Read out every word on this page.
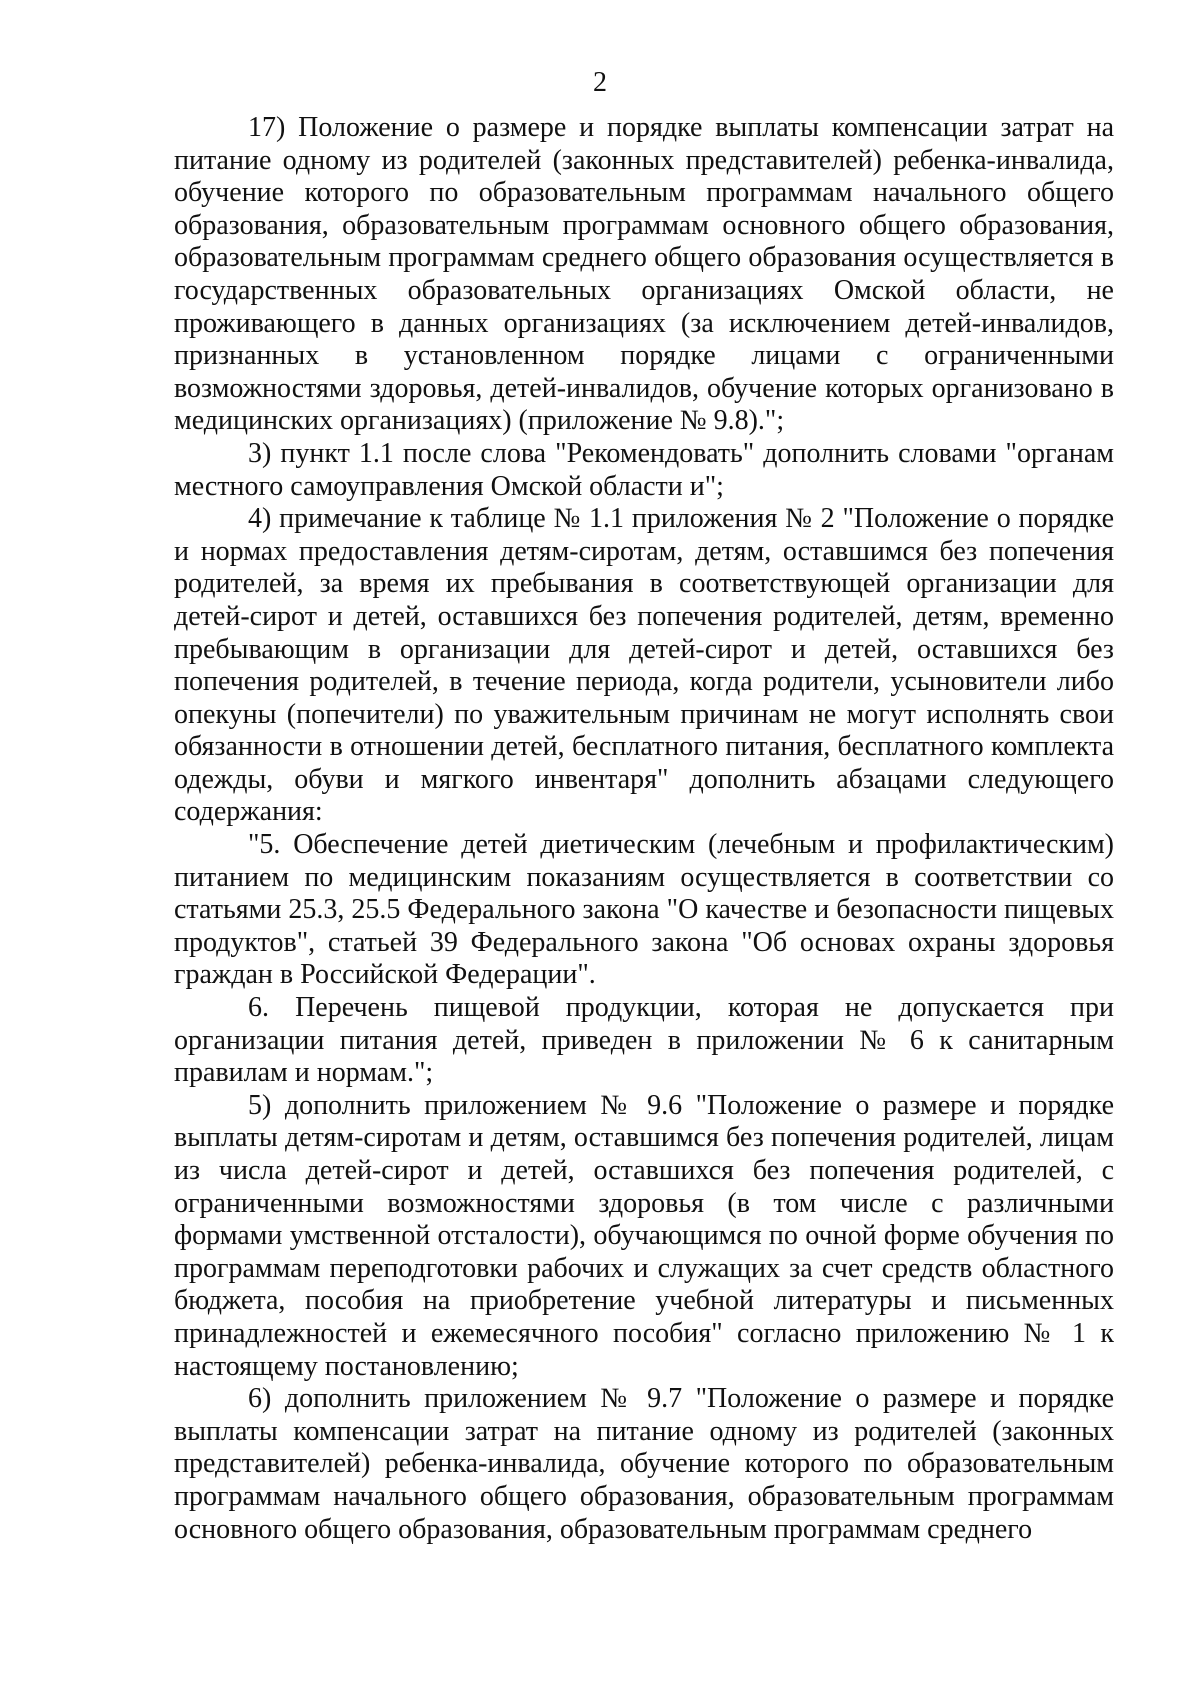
2

17) Положение о размере и порядке выплаты компенсации затрат на питание одному из родителей (законных представителей) ребенка-инвалида, обучение которого по образовательным программам начального общего образования, образовательным программам основного общего образования, образовательным программам среднего общего образования осуществляется в государственных образовательных организациях Омской области, не проживающего в данных организациях (за исключением детей-инвалидов, признанных в установленном порядке лицами с ограниченными возможностями здоровья, детей-инвалидов, обучение которых организовано в медицинских организациях) (приложение № 9.8).";

3) пункт 1.1 после слова "Рекомендовать" дополнить словами "органам местного самоуправления Омской области и";

4) примечание к таблице № 1.1 приложения № 2 "Положение о порядке и нормах предоставления детям-сиротам, детям, оставшимся без попечения родителей, за время их пребывания в соответствующей организации для детей-сирот и детей, оставшихся без попечения родителей, детям, временно пребывающим в организации для детей-сирот и детей, оставшихся без попечения родителей, в течение периода, когда родители, усыновители либо опекуны (попечители) по уважительным причинам не могут исполнять свои обязанности в отношении детей, бесплатного питания, бесплатного комплекта одежды, обуви и мягкого инвентаря" дополнить абзацами следующего содержания:

"5. Обеспечение детей диетическим (лечебным и профилактическим) питанием по медицинским показаниям осуществляется в соответствии со статьями 25.3, 25.5 Федерального закона "О качестве и безопасности пищевых продуктов", статьей 39 Федерального закона "Об основах охраны здоровья граждан в Российской Федерации".

6. Перечень пищевой продукции, которая не допускается при организации питания детей, приведен в приложении № 6 к санитарным правилам и нормам.";

5) дополнить приложением № 9.6 "Положение о размере и порядке выплаты детям-сиротам и детям, оставшимся без попечения родителей, лицам из числа детей-сирот и детей, оставшихся без попечения родителей, с ограниченными возможностями здоровья (в том числе с различными формами умственной отсталости), обучающимся по очной форме обучения по программам переподготовки рабочих и служащих за счет средств областного бюджета, пособия на приобретение учебной литературы и письменных принадлежностей и ежемесячного пособия" согласно приложению № 1 к настоящему постановлению;

6) дополнить приложением № 9.7 "Положение о размере и порядке выплаты компенсации затрат на питание одному из родителей (законных представителей) ребенка-инвалида, обучение которого по образовательным программам начального общего образования, образовательным программам основного общего образования, образовательным программам среднего
